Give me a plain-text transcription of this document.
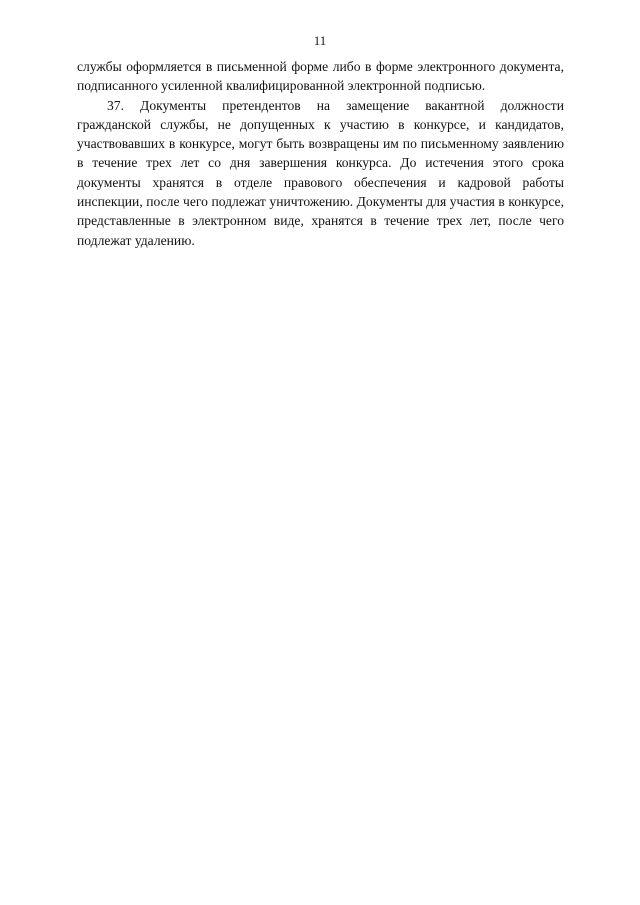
11

службы оформляется в письменной форме либо в форме электронного документа, подписанного усиленной квалифицированной электронной подписью.

37. Документы претендентов на замещение вакантной должности гражданской службы, не допущенных к участию в конкурсе, и кандидатов, участвовавших в конкурсе, могут быть возвращены им по письменному заявлению в течение трех лет со дня завершения конкурса. До истечения этого срока документы хранятся в отделе правового обеспечения и кадровой работы инспекции, после чего подлежат уничтожению. Документы для участия в конкурсе, представленные в электронном виде, хранятся в течение трех лет, после чего подлежат удалению.
